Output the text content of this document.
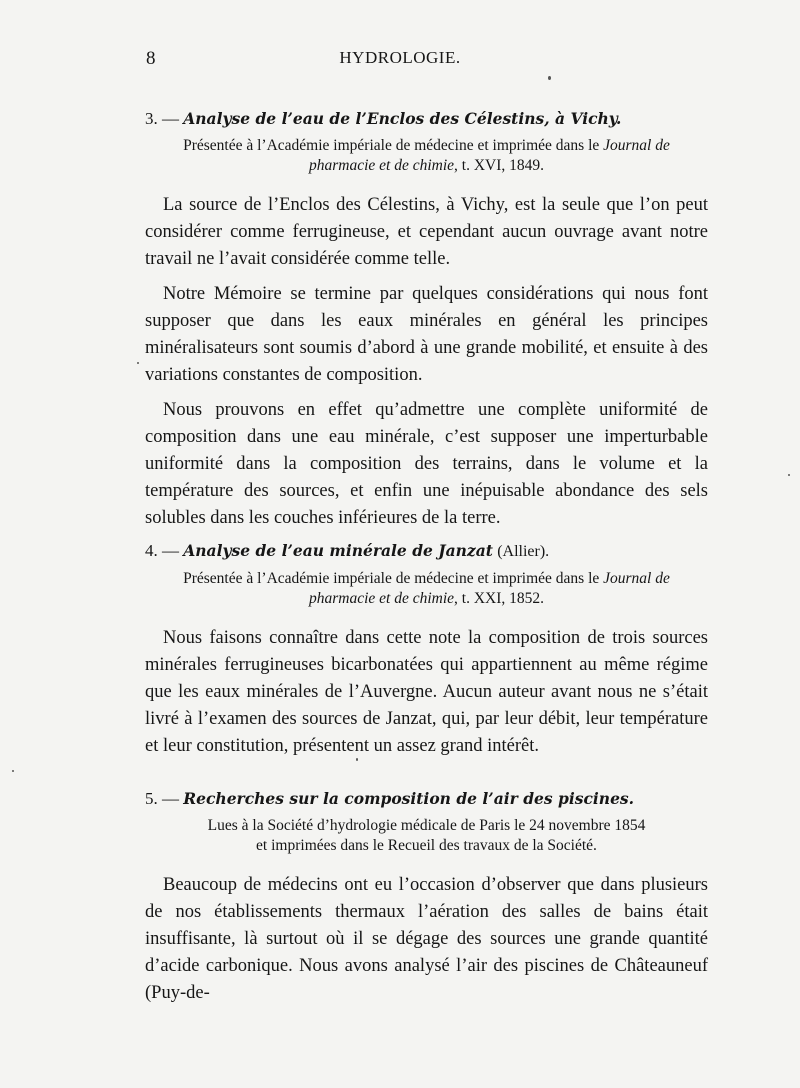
8	HYDROLOGIE.
3. — Analyse de l’eau de l’Enclos des Célestins, à Vichy.
Présentée à l’Académie impériale de médecine et imprimée dans le Journal de pharmacie et de chimie, t. XVI, 1849.

La source de l’Enclos des Célestins, à Vichy, est la seule que l’on peut considérer comme ferrugineuse, et cependant aucun ouvrage avant notre travail ne l’avait considérée comme telle.

Notre Mémoire se termine par quelques considérations qui nous font supposer que dans les eaux minérales en général les principes minéralisateurs sont soumis d’abord à une grande mobilité, et ensuite à des variations constantes de composition.

Nous prouvons en effet qu’admettre une complète uniformité de composition dans une eau minérale, c’est supposer une imperturbable uniformité dans la composition des terrains, dans le volume et la température des sources, et enfin une inépuisable abondance des sels solubles dans les couches inférieures de la terre.

4. — Analyse de l’eau minérale de Janzat (Allier).
Présentée à l’Académie impériale de médecine et imprimée dans le Journal de pharmacie et de chimie, t. XXI, 1852.

Nous faisons connaître dans cette note la composition de trois sources minérales ferrugineuses bicarbonatées qui appartiennent au même régime que les eaux minérales de l’Auvergne. Aucun auteur avant nous ne s’était livré à l’examen des sources de Janzat, qui, par leur débit, leur température et leur constitution, présentent un assez grand intérêt.

5. — Recherches sur la composition de l’air des piscines.
Lues à la Société d’hydrologie médicale de Paris le 24 novembre 1854
et imprimées dans le Recueil des travaux de la Société.

Beaucoup de médecins ont eu l’occasion d’observer que dans plusieurs de nos établissements thermaux l’aération des salles de bains était insuffisante, là surtout où il se dégage des sources une grande quantité d’acide carbonique. Nous avons analysé l’air des piscines de Châteauneuf (Puy-de-
